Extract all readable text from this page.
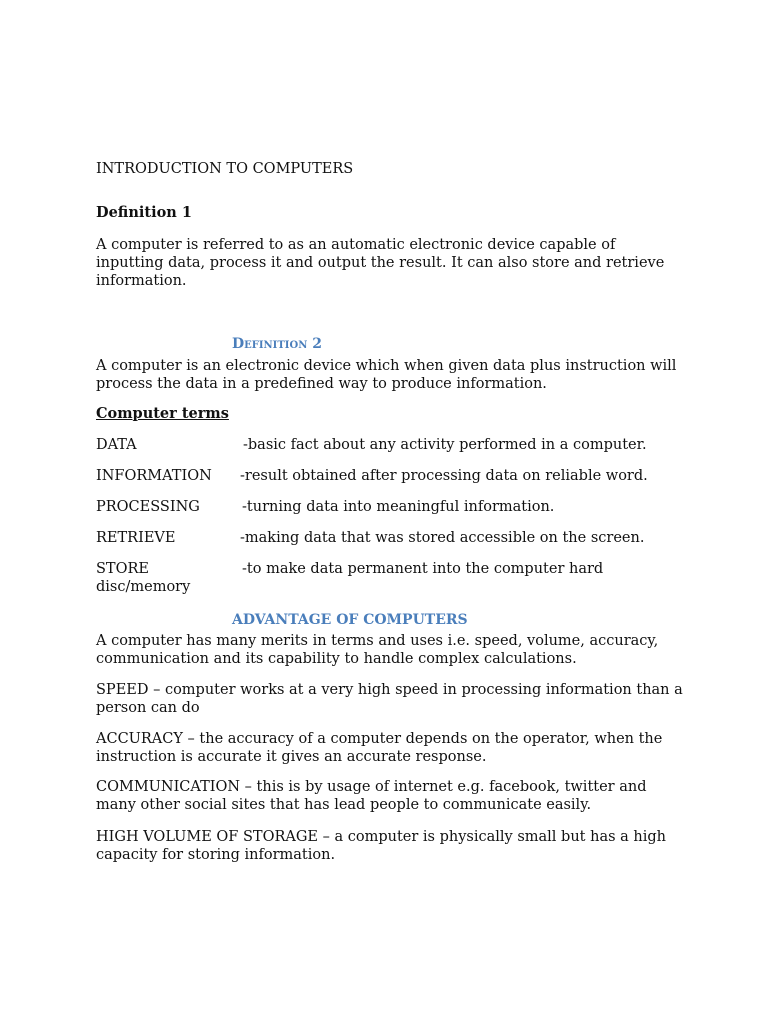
INTRODUCTION TO COMPUTERS

Definition 1

A computer is referred to as an automatic electronic device capable of inputting data, process it and output the result. It can also store and retrieve information.

Definition 2

A computer is an electronic device which when given data plus instruction will process the data in a predefined way to produce information.

Computer terms

DATA	-basic fact about any activity performed in a computer.
INFORMATION -result obtained after processing data on reliable word.
PROCESSING	-turning data into meaningful information.
RETRIEVE	-making data that was stored accessible on the screen.
STORE	-to make data permanent into the computer hard
disc/memory

ADVANTAGE OF COMPUTERS

A computer has many merits in terms and uses i.e. speed, volume, accuracy, communication and its capability to handle complex calculations.

SPEED – computer works at a very high speed in processing information than a person can do

ACCURACY – the accuracy of a computer depends on the operator, when the instruction is accurate it gives an accurate response.

COMMUNICATION – this is by usage of internet e.g. facebook, twitter and many other social sites that has lead people to communicate easily.

HIGH VOLUME OF STORAGE – a computer is physically small but has a high capacity for storing information.
